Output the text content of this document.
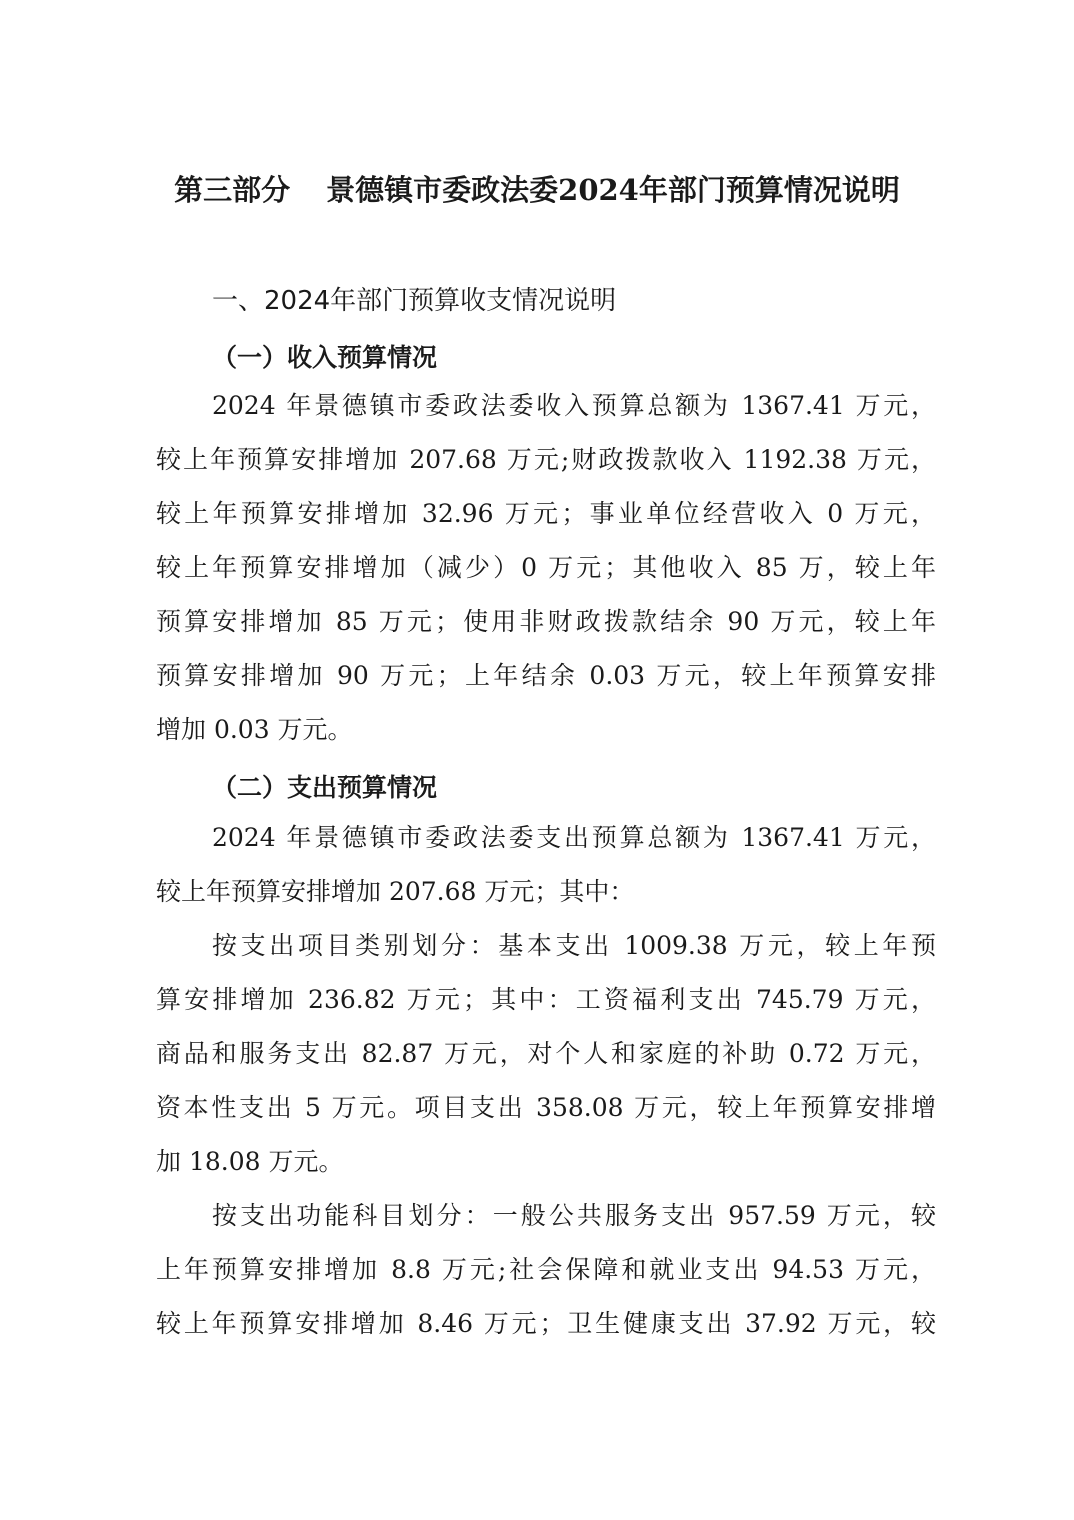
第三部分 景德镇市委政法委2024年部门预算情况说明
一、2024年部门预算收支情况说明
（一）收入预算情况
2024 年景德镇市委政法委收入预算总额为 1367.41 万元，
较上年预算安排增加 207.68 万元;财政拨款收入 1192.38 万元，
较上年预算安排增加 32.96 万元；事业单位经营收入 0 万元，
较上年预算安排增加（减少）0 万元；其他收入 85 万，较上年
预算安排增加 85 万元；使用非财政拨款结余 90 万元，较上年
预算安排增加 90 万元；上年结余 0.03 万元，较上年预算安排
增加 0.03 万元。
（二）支出预算情况
2024 年景德镇市委政法委支出预算总额为 1367.41 万元，
较上年预算安排增加 207.68 万元；其中：
按支出项目类别划分：基本支出 1009.38 万元，较上年预
算安排增加 236.82 万元；其中：工资福利支出 745.79 万元，
商品和服务支出 82.87 万元，对个人和家庭的补助 0.72 万元，
资本性支出 5 万元。项目支出 358.08 万元，较上年预算安排增
加 18.08 万元。
按支出功能科目划分：一般公共服务支出 957.59 万元，较
上年预算安排增加 8.8 万元;社会保障和就业支出 94.53 万元，
较上年预算安排增加 8.46 万元；卫生健康支出 37.92 万元，较
